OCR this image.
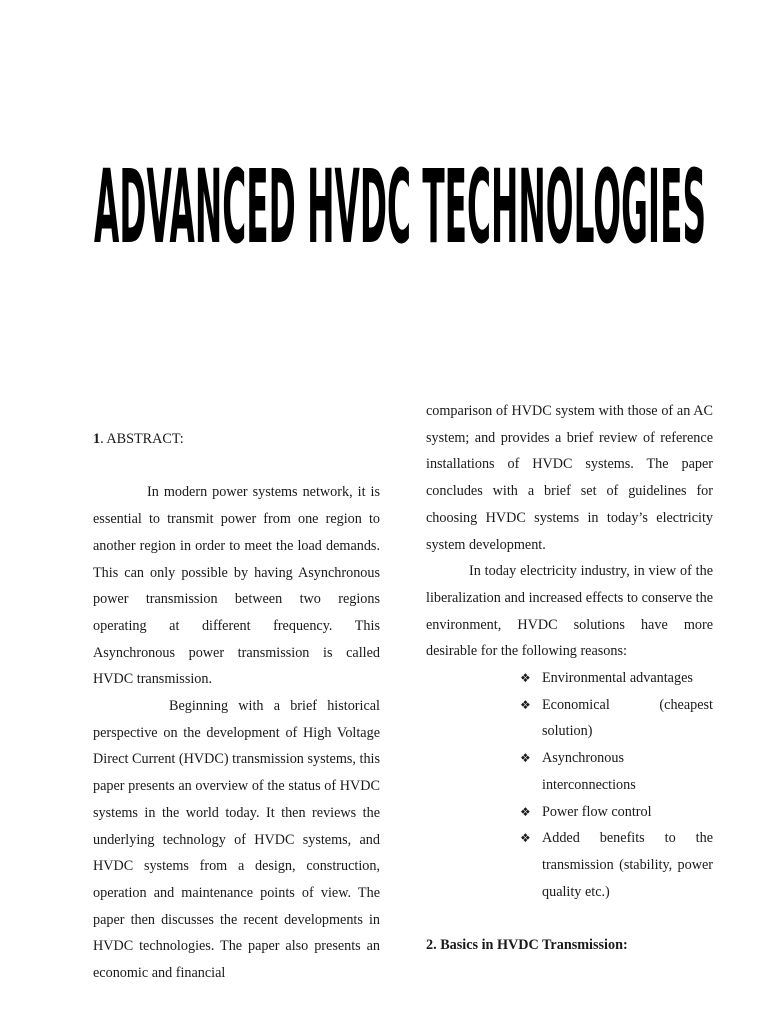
ADVANCED HVDC TECHNOLOGIES

1. ABSTRACT:

In modern power systems network, it is essential to transmit power from one region to another region in order to meet the load demands. This can only possible by having Asynchronous power transmission between two regions operating at different frequency. This Asynchronous power transmission is called HVDC transmission.

Beginning with a brief historical perspective on the development of High Voltage Direct Current (HVDC) transmission systems, this paper presents an overview of the status of HVDC systems in the world today. It then reviews the underlying technology of HVDC systems, and HVDC systems from a design, construction, operation and maintenance points of view. The paper then discusses the recent developments in HVDC technologies. The paper also presents an economic and financial

comparison of HVDC system with those of an AC system; and provides a brief review of reference installations of HVDC systems. The paper concludes with a brief set of guidelines for choosing HVDC systems in today’s electricity system development.

In today electricity industry, in view of the liberalization and increased effects to conserve the environment, HVDC solutions have more desirable for the following reasons:

❖ Environmental advantages
❖ Economical (cheapest solution)
❖ Asynchronous interconnections
❖ Power flow control
❖ Added benefits to the transmission (stability, power quality etc.)

2. Basics in HVDC Transmission:
